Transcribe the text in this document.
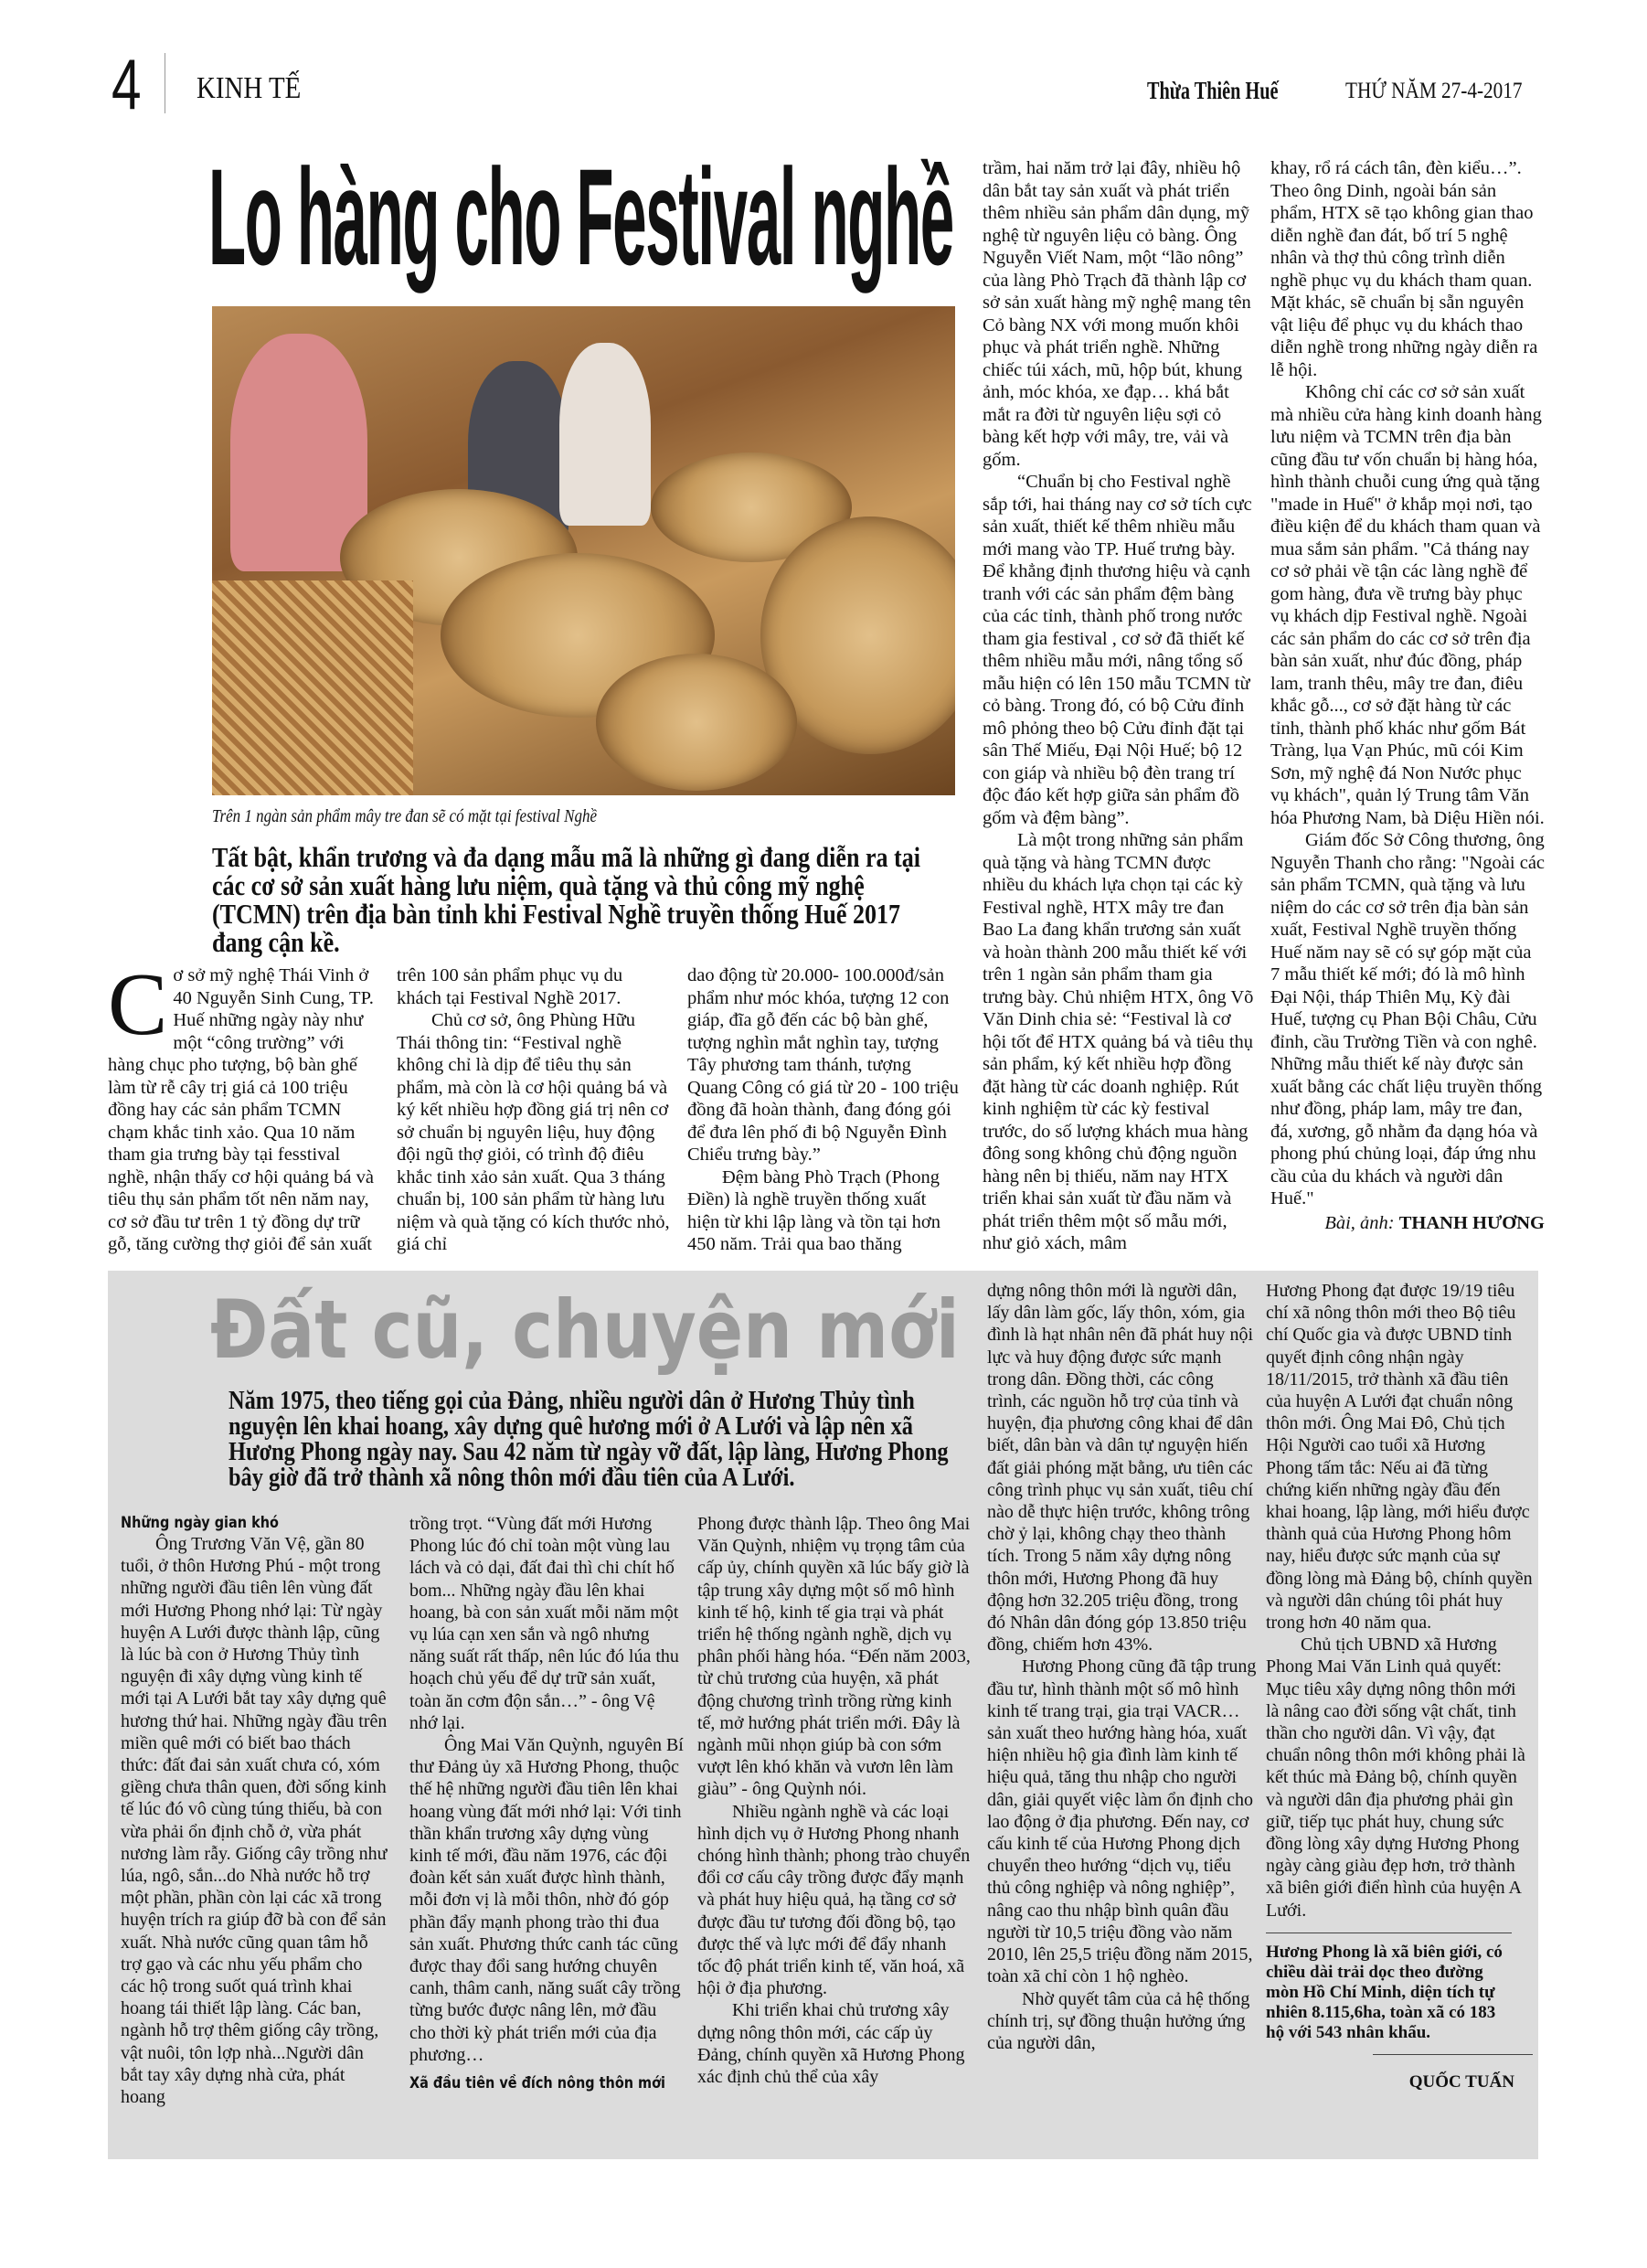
4 KINH TẾ	Thừa Thiên Huế	THỨ NĂM 27-4-2017
Lo hàng cho Festival nghề
Trên 1 ngàn sản phẩm mây tre đan sẽ có mặt tại festival Nghề
Tất bật, khẩn trương và đa dạng mẫu mã là những gì đang diễn ra tại các cơ sở sản xuất hàng lưu niệm, quà tặng và thủ công mỹ nghệ (TCMN) trên địa bàn tỉnh khi Festival Nghề truyền thống Huế 2017 đang cận kề.

Cơ sở mỹ nghệ Thái Vinh ở 40 Nguyễn Sinh Cung, TP. Huế những ngày này như một “công trường” với hàng chục pho tượng, bộ bàn ghế làm từ rễ cây trị giá cả 100 triệu đồng hay các sản phẩm TCMN chạm khắc tinh xảo. Qua 10 năm tham gia trưng bày tại fesstival nghề, nhận thấy cơ hội quảng bá và tiêu thụ sản phẩm tốt nên năm nay, cơ sở đầu tư trên 1 tỷ đồng dự trữ gỗ, tăng cường thợ giỏi để sản xuất

trên 100 sản phẩm phục vụ du khách tại Festival Nghề 2017.

Chủ cơ sở, ông Phùng Hữu Thái thông tin: “Festival nghề không chỉ là dịp để tiêu thụ sản phẩm, mà còn là cơ hội quảng bá và ký kết nhiều hợp đồng giá trị nên cơ sở chuẩn bị nguyên liệu, huy động đội ngũ thợ giỏi, có trình độ điêu khắc tinh xảo sản xuất. Qua 3 tháng chuẩn bị, 100 sản phẩm từ hàng lưu niệm và quà tặng có kích thước nhỏ, giá chỉ

dao động từ 20.000- 100.000đ/sản phẩm như móc khóa, tượng 12 con giáp, đĩa gỗ đến các bộ bàn ghế, tượng nghìn mắt nghìn tay, tượng Tây phương tam thánh, tượng Quang Công có giá từ 20 - 100 triệu đồng đã hoàn thành, đang đóng gói để đưa lên phố đi bộ Nguyễn Đình Chiểu trưng bày.”

Đệm bàng Phò Trạch (Phong Điền) là nghề truyền thống xuất hiện từ khi lập làng và tồn tại hơn 450 năm. Trải qua bao thăng

trầm, hai năm trở lại đây, nhiều hộ dân bắt tay sản xuất và phát triển thêm nhiều sản phẩm dân dụng, mỹ nghệ từ nguyên liệu cỏ bàng. Ông Nguyễn Viết Nam, một “lão nông” của làng Phò Trạch đã thành lập cơ sở sản xuất hàng mỹ nghệ mang tên Cỏ bàng NX với mong muốn khôi phục và phát triển nghề. Những chiếc túi xách, mũ, hộp bút, khung ảnh, móc khóa, xe đạp… khá bắt mắt ra đời từ nguyên liệu sợi cỏ bàng kết hợp với mây, tre, vải và gốm.

“Chuẩn bị cho Festival nghề sắp tới, hai tháng nay cơ sở tích cực sản xuất, thiết kế thêm nhiều mẫu mới mang vào TP. Huế trưng bày. Để khẳng định thương hiệu và cạnh tranh với các sản phẩm đệm bàng của các tỉnh, thành phố trong nước tham gia festival , cơ sở đã thiết kế thêm nhiều mẫu mới, nâng tổng số mẫu hiện có lên 150 mẫu TCMN từ cỏ bàng. Trong đó, có bộ Cửu đỉnh mô phỏng theo bộ Cửu đỉnh đặt tại sân Thế Miếu, Đại Nội Huế; bộ 12 con giáp và nhiều bộ đèn trang trí độc đáo kết hợp giữa sản phẩm đồ gốm và đệm bàng”.

Là một trong những sản phẩm quà tặng và hàng TCMN được nhiều du khách lựa chọn tại các kỳ Festival nghề, HTX mây tre đan Bao La đang khẩn trương sản xuất và hoàn thành 200 mẫu thiết kế với trên 1 ngàn sản phẩm tham gia trưng bày. Chủ nhiệm HTX, ông Võ Văn Dinh chia sẻ: “Festival là cơ hội tốt để HTX quảng bá và tiêu thụ sản phẩm, ký kết nhiều hợp đồng đặt hàng từ các doanh nghiệp. Rút kinh nghiệm từ các kỳ festival trước, do số lượng khách mua hàng đông song không chủ động nguồn hàng nên bị thiếu, năm nay HTX triển khai sản xuất từ đầu năm và phát triển thêm một số mẫu mới, như giỏ xách, mâm

khay, rổ rá cách tân, đèn kiểu…”. Theo ông Dinh, ngoài bán sản phẩm, HTX sẽ tạo không gian thao diễn nghề đan đát, bố trí 5 nghệ nhân và thợ thủ công trình diễn nghề phục vụ du khách tham quan. Mặt khác, sẽ chuẩn bị sẵn nguyên vật liệu để phục vụ du khách thao diễn nghề trong những ngày diễn ra lễ hội.

Không chỉ các cơ sở sản xuất mà nhiều cửa hàng kinh doanh hàng lưu niệm và TCMN trên địa bàn cũng đầu tư vốn chuẩn bị hàng hóa, hình thành chuỗi cung ứng quà tặng "made in Huế" ở khắp mọi nơi, tạo điều kiện để du khách tham quan và mua sắm sản phẩm. "Cả tháng nay cơ sở phải về tận các làng nghề để gom hàng, đưa về trưng bày phục vụ khách dịp Festival nghề. Ngoài các sản phẩm do các cơ sở trên địa bàn sản xuất, như đúc đồng, pháp lam, tranh thêu, mây tre đan, điêu khắc gỗ..., cơ sở đặt hàng từ các tỉnh, thành phố khác như gốm Bát Tràng, lụa Vạn Phúc, mũ cói Kim Sơn, mỹ nghệ đá Non Nước phục vụ khách", quản lý Trung tâm Văn hóa Phương Nam, bà Diệu Hiền nói.

Giám đốc Sở Công thương, ông Nguyễn Thanh cho rằng: "Ngoài các sản phẩm TCMN, quà tặng và lưu niệm do các cơ sở trên địa bàn sản xuất, Festival Nghề truyền thống Huế năm nay sẽ có sự góp mặt của 7 mẫu thiết kế mới; đó là mô hình Đại Nội, tháp Thiên Mụ, Kỳ đài Huế, tượng cụ Phan Bội Châu, Cửu đỉnh, cầu Trường Tiền và con nghê. Những mẫu thiết kế này được sản xuất bằng các chất liệu truyền thống như đồng, pháp lam, mây tre đan, đá, xương, gỗ nhằm đa dạng hóa và phong phú chủng loại, đáp ứng nhu cầu của du khách và người dân Huế."

Bài, ảnh: THANH HƯƠNG
Đất cũ, chuyện mới
Năm 1975, theo tiếng gọi của Đảng, nhiều người dân ở Hương Thủy tình nguyện lên khai hoang, xây dựng quê hương mới ở A Lưới và lập nên xã Hương Phong ngày nay. Sau 42 năm từ ngày vỡ đất, lập làng, Hương Phong bây giờ đã trở thành xã nông thôn mới đầu tiên của A Lưới.

Những ngày gian khó

Ông Trương Văn Vệ, gần 80 tuổi, ở thôn Hương Phú - một trong những người đầu tiên lên vùng đất mới Hương Phong nhớ lại: Từ ngày huyện A Lưới được thành lập, cũng là lúc bà con ở Hương Thủy tình nguyện đi xây dựng vùng kinh tế mới tại A Lưới bắt tay xây dựng quê hương thứ hai. Những ngày đầu trên miền quê mới có biết bao thách thức: đất đai sản xuất chưa có, xóm giềng chưa thân quen, đời sống kinh tế lúc đó vô cùng túng thiếu, bà con vừa phải ổn định chỗ ở, vừa phát nương làm rẫy. Giống cây trồng như lúa, ngô, sắn...do Nhà nước hỗ trợ một phần, phần còn lại các xã trong huyện trích ra giúp đỡ bà con để sản xuất. Nhà nước cũng quan tâm hỗ trợ gạo và các nhu yếu phẩm cho các hộ trong suốt quá trình khai hoang tái thiết lập làng. Các ban, ngành hỗ trợ thêm giống cây trồng, vật nuôi, tôn lợp nhà...Người dân bắt tay xây dựng nhà cửa, phát hoang

trồng trọt. “Vùng đất mới Hương Phong lúc đó chỉ toàn một vùng lau lách và cỏ dại, đất đai thì chi chít hố bom... Những ngày đầu lên khai hoang, bà con sản xuất mỗi năm một vụ lúa cạn xen sắn và ngô nhưng năng suất rất thấp, nên lúc đó lúa thu hoạch chủ yếu để dự trữ sản xuất, toàn ăn cơm độn sắn…” - ông Vệ nhớ lại.

Ông Mai Văn Quỳnh, nguyên Bí thư Đảng ủy xã Hương Phong, thuộc thế hệ những người đầu tiên lên khai hoang vùng đất mới nhớ lại: Với tinh thần khẩn trương xây dựng vùng kinh tế mới, đầu năm 1976, các đội đoàn kết sản xuất được hình thành, mỗi đơn vị là mỗi thôn, nhờ đó góp phần đẩy mạnh phong trào thi đua sản xuất. Phương thức canh tác cũng được thay đổi sang hướng chuyên canh, thâm canh, năng suất cây trồng từng bước được nâng lên, mở đầu cho thời kỳ phát triển mới của địa phương…

Xã đầu tiên về đích nông thôn mới

Phong được thành lập. Theo ông Mai Văn Quỳnh, nhiệm vụ trọng tâm của cấp ủy, chính quyền xã lúc bấy giờ là tập trung xây dựng một số mô hình kinh tế hộ, kinh tế gia trại và phát triển hệ thống ngành nghề, dịch vụ phân phối hàng hóa. “Đến năm 2003, từ chủ trương của huyện, xã phát động chương trình trồng rừng kinh tế, mở hướng phát triển mới. Đây là ngành mũi nhọn giúp bà con sớm vượt lên khó khăn và vươn lên làm giàu” - ông Quỳnh nói.

Nhiều ngành nghề và các loại hình dịch vụ ở Hương Phong nhanh chóng hình thành; phong trào chuyển đổi cơ cấu cây trồng được đẩy mạnh và phát huy hiệu quả, hạ tầng cơ sở được đầu tư tương đối đồng bộ, tạo được thế và lực mới để đẩy nhanh tốc độ phát triển kinh tế, văn hoá, xã hội ở địa phương.

Khi triển khai chủ trương xây dựng nông thôn mới, các cấp ủy Đảng, chính quyền xã Hương Phong xác định chủ thể của xây

dựng nông thôn mới là người dân, lấy dân làm gốc, lấy thôn, xóm, gia đình là hạt nhân nên đã phát huy nội lực và huy động được sức mạnh trong dân. Đồng thời, các công trình, các nguồn hỗ trợ của tỉnh và huyện, địa phương công khai để dân biết, dân bàn và dân tự nguyện hiến đất giải phóng mặt bằng, ưu tiên các công trình phục vụ sản xuất, tiêu chí nào dễ thực hiện trước, không trông chờ ỷ lại, không chạy theo thành tích. Trong 5 năm xây dựng nông thôn mới, Hương Phong đã huy động hơn 32.205 triệu đồng, trong đó Nhân dân đóng góp 13.850 triệu đồng, chiếm hơn 43%.

Hương Phong cũng đã tập trung đầu tư, hình thành một số mô hình kinh tế trang trại, gia trại VACR… sản xuất theo hướng hàng hóa, xuất hiện nhiều hộ gia đình làm kinh tế hiệu quả, tăng thu nhập cho người dân, giải quyết việc làm ổn định cho lao động ở địa phương. Đến nay, cơ cấu kinh tế của Hương Phong dịch chuyển theo hướng “dịch vụ, tiểu thủ công nghiệp và nông nghiệp”, nâng cao thu nhập bình quân đầu người từ 10,5 triệu đồng vào năm 2010, lên 25,5 triệu đồng năm 2015, toàn xã chỉ còn 1 hộ nghèo.

Nhờ quyết tâm của cả hệ thống chính trị, sự đồng thuận hưởng ứng của người dân,

Hương Phong đạt được 19/19 tiêu chí xã nông thôn mới theo Bộ tiêu chí Quốc gia và được UBND tỉnh quyết định công nhận ngày 18/11/2015, trở thành xã đầu tiên của huyện A Lưới đạt chuẩn nông thôn mới. Ông Mai Đô, Chủ tịch Hội Người cao tuổi xã Hương Phong tấm tắc: Nếu ai đã từng chứng kiến những ngày đầu đến khai hoang, lập làng, mới hiểu được thành quả của Hương Phong hôm nay, hiểu được sức mạnh của sự đồng lòng mà Đảng bộ, chính quyền và người dân chúng tôi phát huy trong hơn 40 năm qua.

Chủ tịch UBND xã Hương Phong Mai Văn Linh quả quyết: Mục tiêu xây dựng nông thôn mới là nâng cao đời sống vật chất, tinh thần cho người dân. Vì vậy, đạt chuẩn nông thôn mới không phải là kết thúc mà Đảng bộ, chính quyền và người dân địa phương phải gìn giữ, tiếp tục phát huy, chung sức đồng lòng xây dựng Hương Phong ngày càng giàu đẹp hơn, trở thành xã biên giới điển hình của huyện A Lưới.

Hương Phong là xã biên giới, có chiều dài trải dọc theo đường mòn Hồ Chí Minh, diện tích tự nhiên 8.115,6ha, toàn xã có 183 hộ với 543 nhân khẩu.
QUỐC TUẤN
